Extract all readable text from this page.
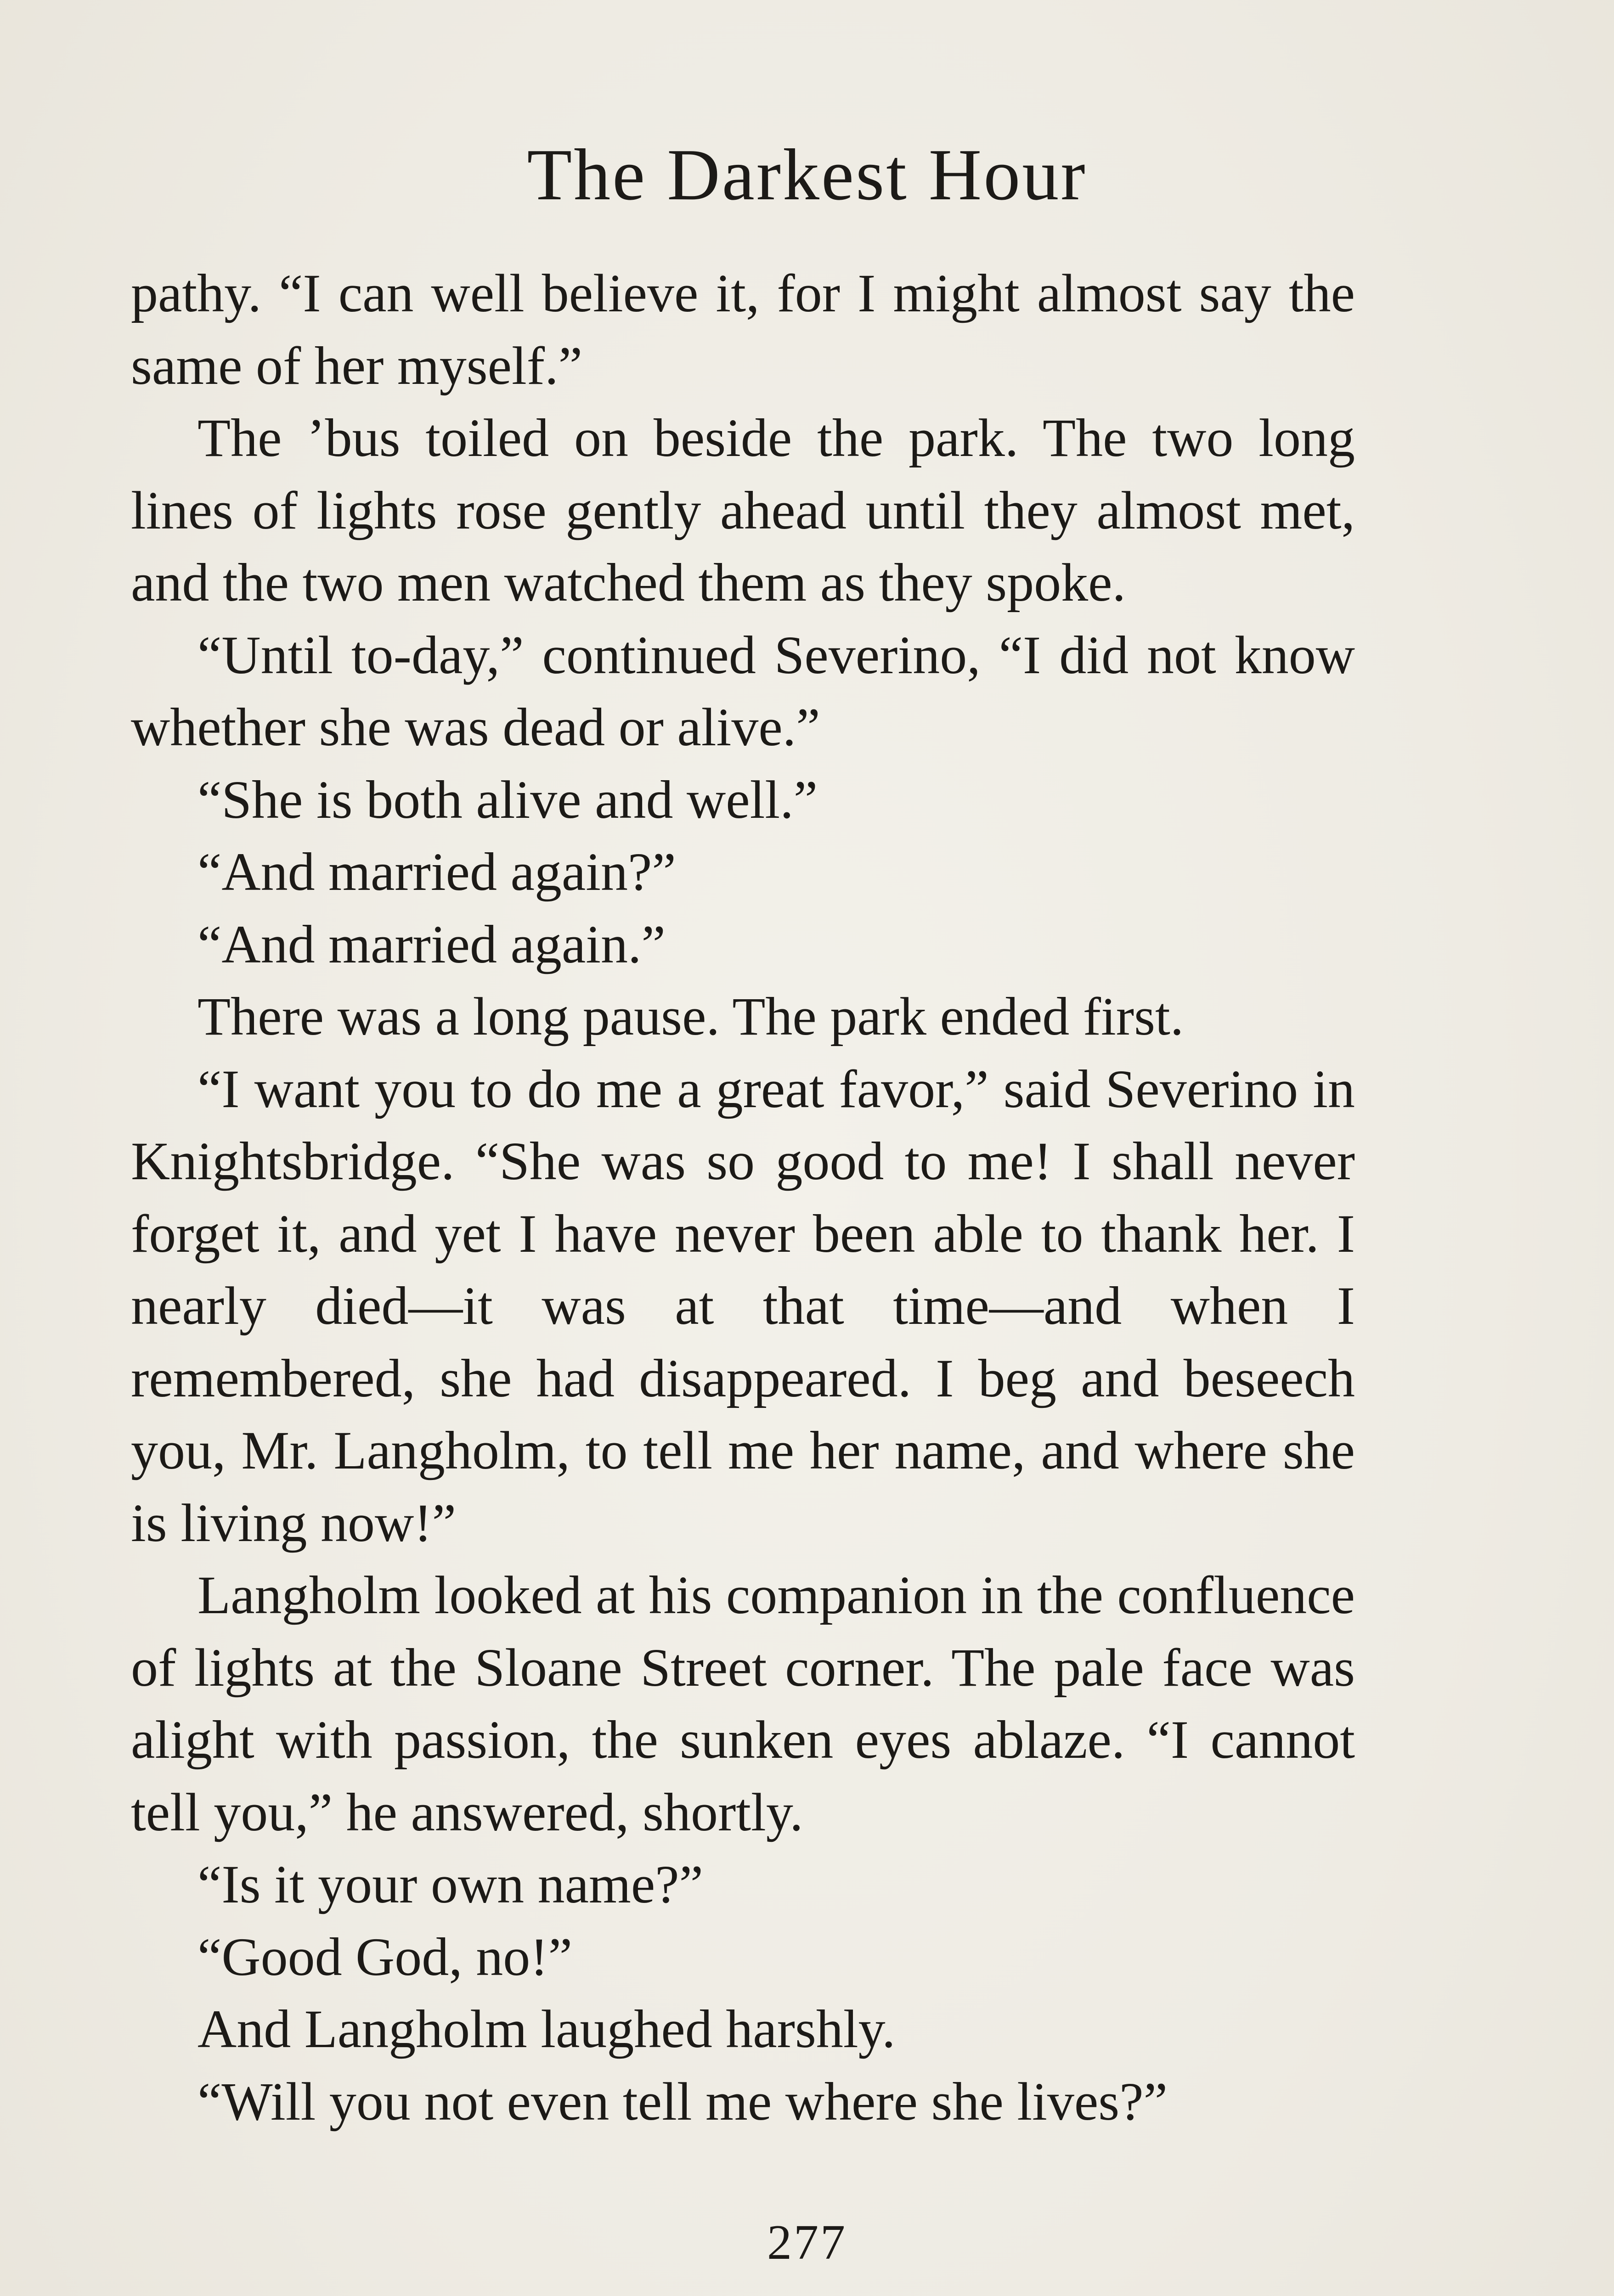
The Darkest Hour

pathy. “I can well believe it, for I might almost say the same of her myself.”

The ’bus toiled on beside the park. The two long lines of lights rose gently ahead until they almost met, and the two men watched them as they spoke.

“Until to-day,” continued Severino, “I did not know whether she was dead or alive.”

“She is both alive and well.”

“And married again?”

“And married again.”

There was a long pause. The park ended first.

“I want you to do me a great favor,” said Severino in Knightsbridge. “She was so good to me! I shall never forget it, and yet I have never been able to thank her. I nearly died—it was at that time—and when I remembered, she had disappeared. I beg and beseech you, Mr. Langholm, to tell me her name, and where she is living now!”

Langholm looked at his companion in the confluence of lights at the Sloane Street corner. The pale face was alight with passion, the sunken eyes ablaze. “I cannot tell you,” he answered, shortly.

“Is it your own name?”

“Good God, no!”

And Langholm laughed harshly.

“Will you not even tell me where she lives?”

277
